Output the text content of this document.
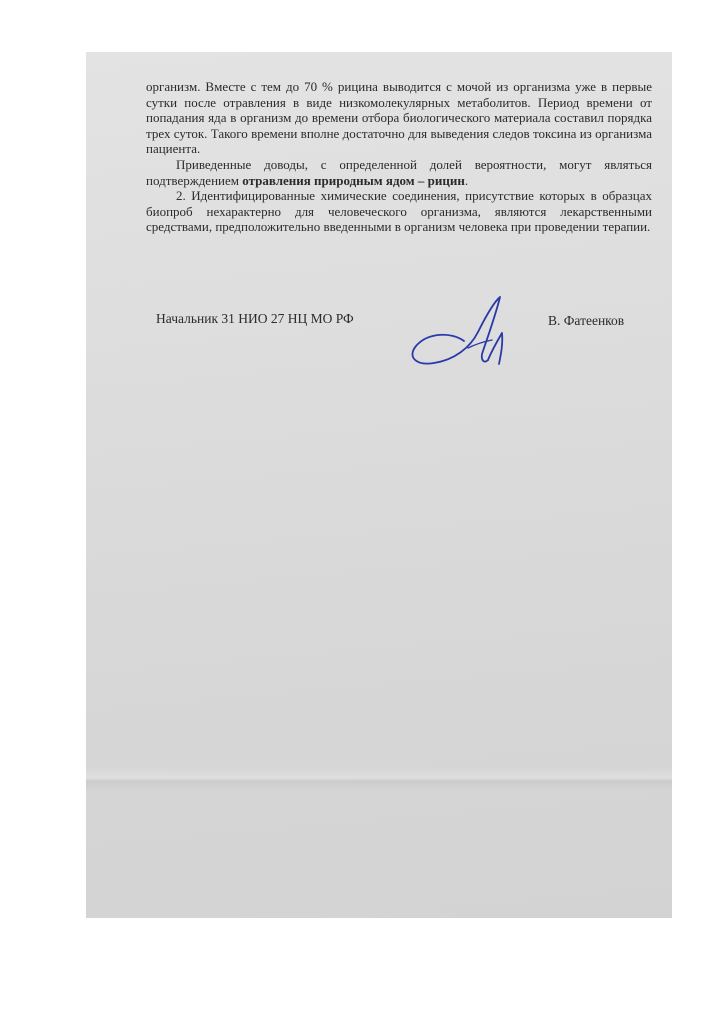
организм. Вместе с тем до 70 % рицина выводится с мочой из организма уже в первые сутки после отравления в виде низкомолекулярных метаболитов. Период времени от попадания яда в организм до времени отбора биологического материала составил порядка трех суток. Такого времени вполне достаточно для выведения следов токсина из организма пациента.

Приведенные доводы, с определенной долей вероятности, могут являться подтверждением отравления природным ядом – рицин.

2. Идентифицированные химические соединения, присутствие которых в образцах биопроб нехарактерно для человеческого организма, являются лекарственными средствами, предположительно введенными в организм человека при проведении терапии.

Начальник 31 НИО 27 НЦ МО РФ	В. Фатеенков
